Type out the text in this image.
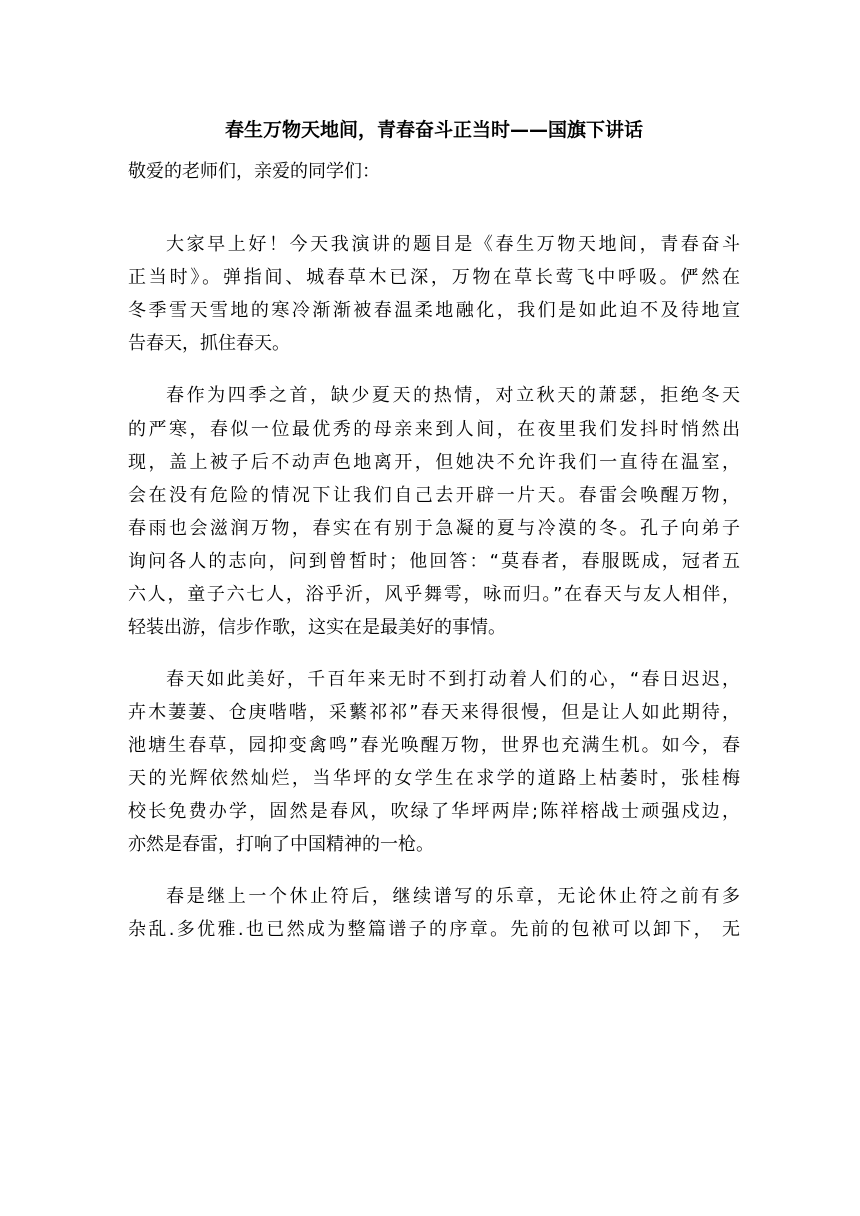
春生万物天地间，青春奋斗正当时——国旗下讲话
敬爱的老师们，亲爱的同学们：
大家早上好！今天我演讲的题目是《春生万物天地间，青春奋斗
正当时》。弹指间、城春草木已深，万物在草长莺飞中呼吸。俨然在
冬季雪天雪地的寒冷渐渐被春温柔地融化，我们是如此迫不及待地宣
告春天，抓住春天。
春作为四季之首，缺少夏天的热情，对立秋天的萧瑟，拒绝冬天
的严寒，春似一位最优秀的母亲来到人间，在夜里我们发抖时悄然出
现，盖上被子后不动声色地离开，但她决不允许我们一直待在温室，
会在没有危险的情况下让我们自己去开辟一片天。春雷会唤醒万物，
春雨也会滋润万物，春实在有别于急凝的夏与冷漠的冬。孔子向弟子
询问各人的志向，问到曾皙时；他回答：“莫春者，春服既成，冠者五
六人，童子六七人，浴乎沂，风乎舞雩，咏而归。”在春天与友人相伴，
轻装出游，信步作歌，这实在是最美好的事情。
春天如此美好，千百年来无时不到打动着人们的心，“春日迟迟，
卉木萋萋、仓庚喈喈，采蘩祁祁”春天来得很慢，但是让人如此期待，
池塘生春草，园抑变禽鸣”春光唤醒万物，世界也充满生机。如今，春
天的光辉依然灿烂，当华坪的女学生在求学的道路上枯萎时，张桂梅
校长免费办学，固然是春风，吹绿了华坪两岸;陈祥榕战士顽强戍边，
亦然是春雷，打响了中国精神的一枪。
春是继上一个休止符后，继续谱写的乐章，无论休止符之前有多
杂乱.多优雅.也已然成为整篇谱子的序章。先前的包袱可以卸下， 无
